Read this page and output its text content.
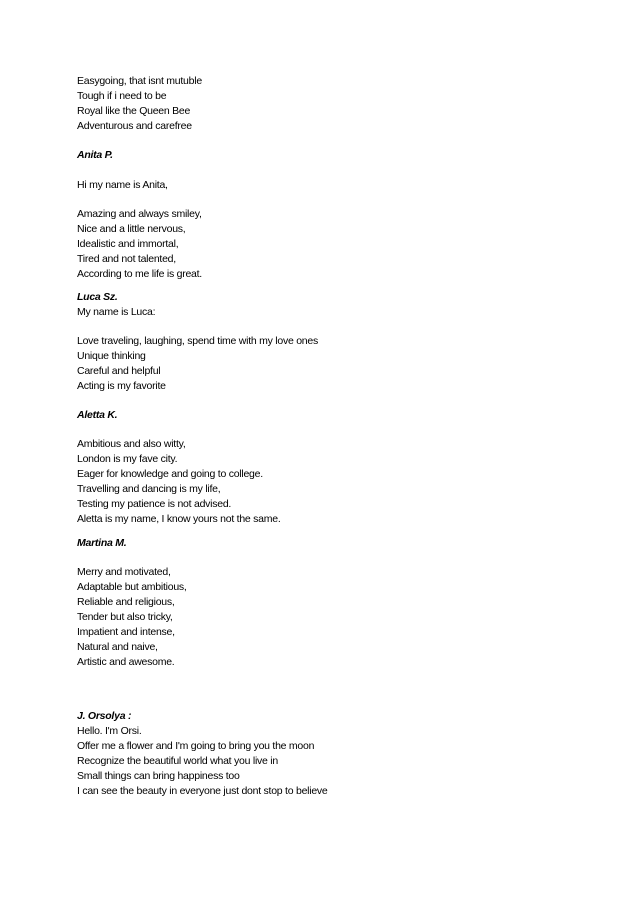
Easygoing, that isnt mutuble
Tough if i need to be
Royal like the Queen Bee
Adventurous and carefree
Anita P.
Hi my name is Anita,
Amazing and always smiley,
Nice and a little nervous,
Idealistic and immortal,
Tired and not talented,
According to me life is great.
Luca Sz.
My name is Luca:
Love traveling, laughing, spend time with my love ones
Unique thinking
Careful and helpful
Acting is my favorite
Aletta K.
Ambitious and also witty,
London is my fave city.
Eager for knowledge and going to college.
Travelling and dancing is my life,
Testing my patience is not advised.
Aletta is my name, I know yours not the same.
Martina M.
Merry and motivated,
Adaptable but ambitious,
Reliable and religious,
Tender but also tricky,
Impatient and intense,
Natural and naive,
Artistic and awesome.
J. Orsolya :
Hello. I'm Orsi.
Offer me a flower and I'm going to bring you the moon
Recognize the beautiful world what you live in
Small things can bring happiness too
I can see the beauty in everyone just dont stop to believe
